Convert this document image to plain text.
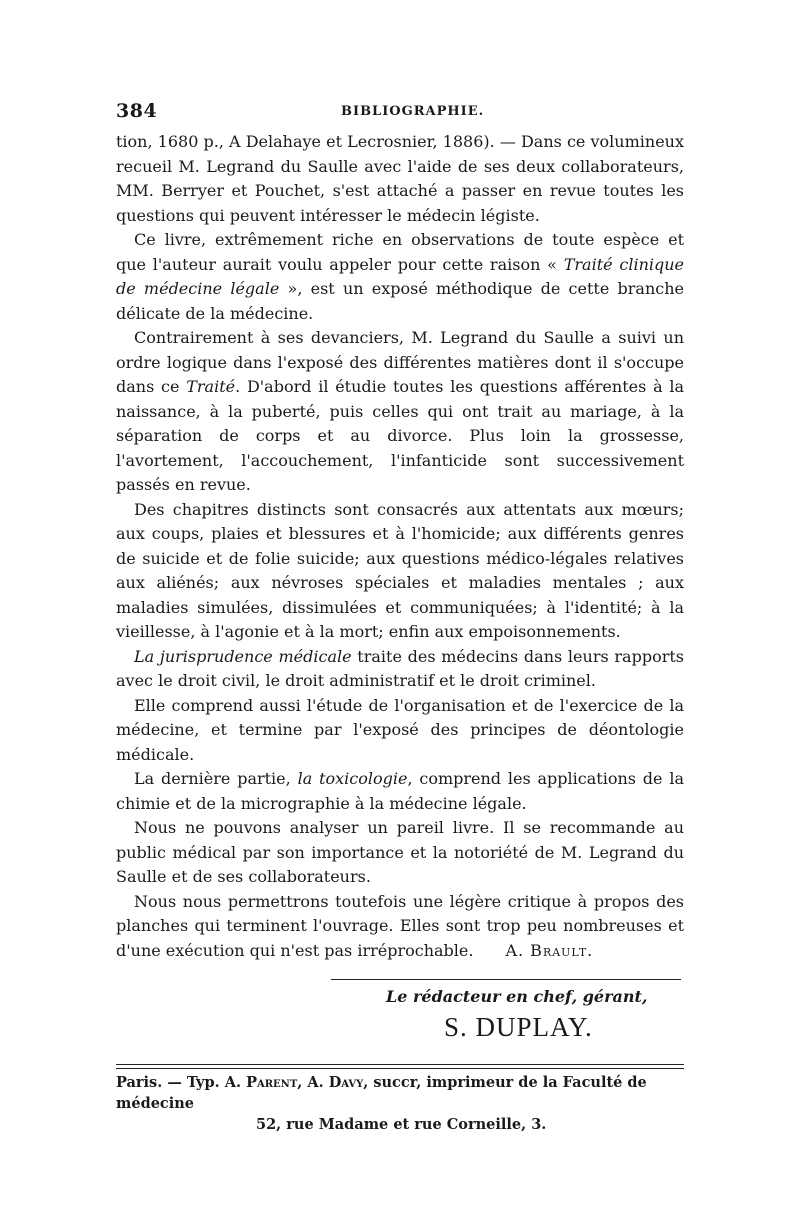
384	BIBLIOGRAPHIE.

tion, 1680 p., A Delahaye et Lecrosnier, 1886). — Dans ce volumineux recueil M. Legrand du Saulle avec l'aide de ses deux collaborateurs, MM. Berryer et Pouchet, s'est attaché a passer en revue toutes les questions qui peuvent intéresser le médecin légiste.

Ce livre, extrêmement riche en observations de toute espèce et que l'auteur aurait voulu appeler pour cette raison « Traité clinique de médecine légale », est un exposé méthodique de cette branche délicate de la médecine.

Contrairement à ses devanciers, M. Legrand du Saulle a suivi un ordre logique dans l'exposé des différentes matières dont il s'occupe dans ce Traité. D'abord il étudie toutes les questions afférentes à la naissance, à la puberté, puis celles qui ont trait au mariage, à la séparation de corps et au divorce. Plus loin la grossesse, l'avortement, l'accouchement, l'infanticide sont successivement passés en revue.

Des chapitres distincts sont consacrés aux attentats aux mœurs; aux coups, plaies et blessures et à l'homicide; aux différents genres de suicide et de folie suicide; aux questions médico-légales relatives aux aliénés; aux névroses spéciales et maladies mentales ; aux maladies simulées, dissimulées et communiquées; à l'identité; à la vieillesse, à l'agonie et à la mort; enfin aux empoisonnements.

La jurisprudence médicale traite des médecins dans leurs rapports avec le droit civil, le droit administratif et le droit criminel.

Elle comprend aussi l'étude de l'organisation et de l'exercice de la médecine, et termine par l'exposé des principes de déontologie médicale.

La dernière partie, la toxicologie, comprend les applications de la chimie et de la micrographie à la médecine légale.

Nous ne pouvons analyser un pareil livre. Il se recommande au public médical par son importance et la notoriété de M. Legrand du Saulle et de ses collaborateurs.

Nous nous permettrons toutefois une légère critique à propos des planches qui terminent l'ouvrage. Elles sont trop peu nombreuses et d'une exécution qui n'est pas irréprochable. A. Brault.

Le rédacteur en chef, gérant,
S. DUPLAY.
Paris. — Typ. A. Parent, A. Davy, succr, imprimeur de la Faculté de médecine
52, rue Madame et rue Corneille, 3.
